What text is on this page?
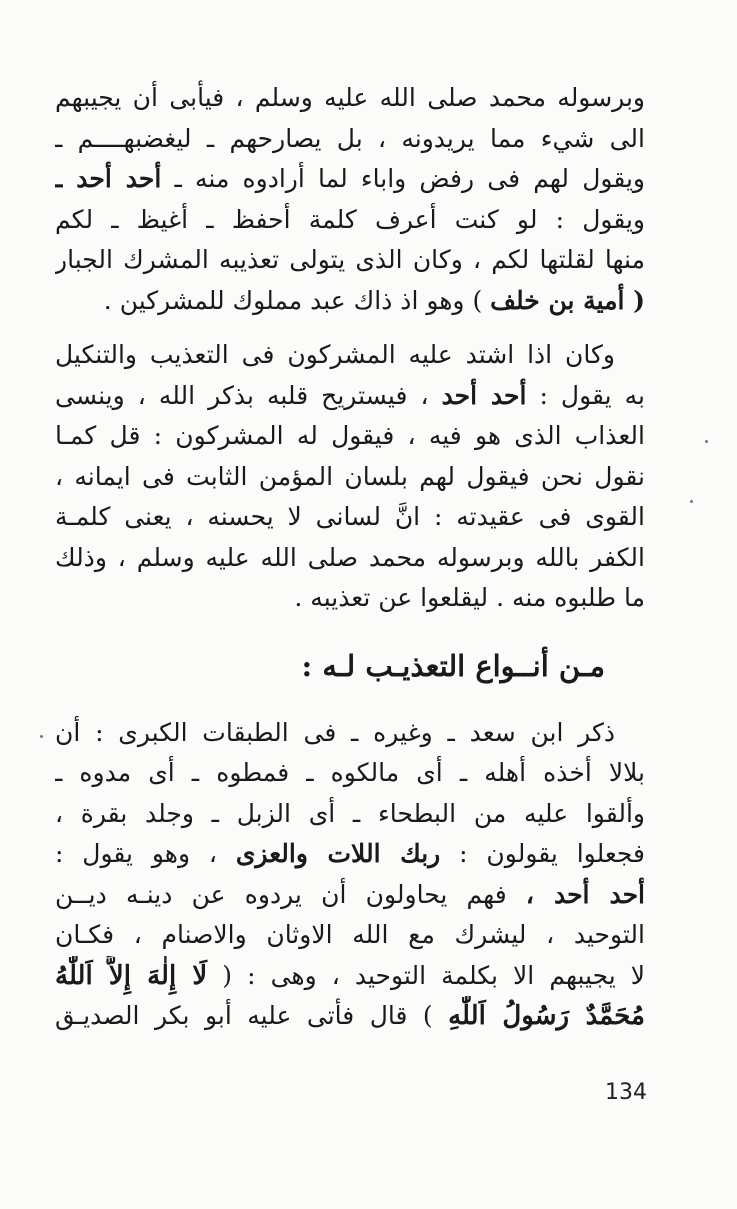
وبرسوله محمد صلى الله عليه وسلم ، فيأبى أن يجيبهم
الى شيء مما يريدونه ، بل يصارحهم ـ ليغضبهــــم ـ
ويقول لهم فى رفض واباء لما أرادوه منه ـ أحد أحد ـ
ويقول : لو كنت أعرف كلمة أحفظ ـ أغيظ ـ لكم
منها لقلتها لكم ، وكان الذى يتولى تعذيبه المشرك الجبار
( أمية بن خلف ) وهو اذ ذاك عبد مملوك للمشركين .
وكان اذا اشتد عليه المشركون فى التعذيب والتنكيل
به يقول : أحد أحد ، فيستريح قلبه بذكر الله ، وينسى
العذاب الذى هو فيه ، فيقول له المشركون : قل كمـا
نقول نحن فيقول لهم بلسان المؤمن الثابت فى ايمانه ،
القوى فى عقيدته : انَّ لسانى لا يحسنه ، يعنى كلمـة
الكفر بالله وبرسوله محمد صلى الله عليه وسلم ، وذلك
ما طلبوه منه . ليقلعوا عن تعذيبه .
مـن أنــواع التعذيـب لـه :
ذكر ابن سعد ـ وغيره ـ فى الطبقات الكبرى : أن
بلالا أخذه أهله ـ أى مالكوه ـ فمطوه ـ أى مدوه ـ
وألقوا عليه من البطحاء ـ أى الزبل ـ وجلد بقرة ،
فجعلوا يقولون : ربك اللات والعزى ، وهو يقول :
أحد أحد ، فهم يحاولون أن يردوه عن دينـه ديــن
التوحيد ، ليشرك مع الله الاوثان والاصنام ، فكـان
لا يجيبهم الا بكلمة التوحيد ، وهى : ( لَا إِلٰهَ إِلاَّ اَللّٰهُ
مُحَمَّدٌ رَسُولُ اَللّٰهِ ) قال فأتى عليه أبو بكر الصديـق
134
